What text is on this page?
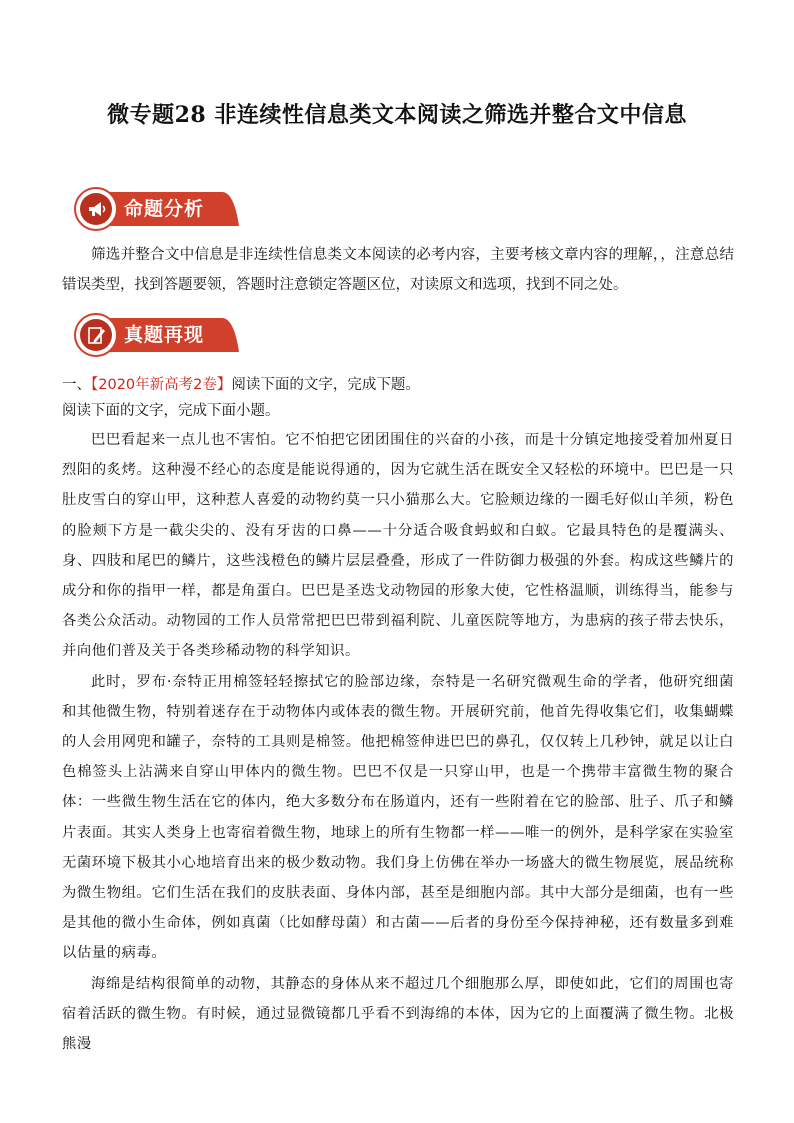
微专题28 非连续性信息类文本阅读之筛选并整合文中信息
命题分析
筛选并整合文中信息是非连续性信息类文本阅读的必考内容，主要考核文章内容的理解，，注意总结错误类型，找到答题要领，答题时注意锁定答题区位，对读原文和选项，找到不同之处。
真题再现
一、【2020年新高考2卷】阅读下面的文字，完成下题。
阅读下面的文字，完成下面小题。

巴巴看起来一点儿也不害怕。它不怕把它团团围住的兴奋的小孩，而是十分镇定地接受着加州夏日烈阳的炙烤。这种漫不经心的态度是能说得通的，因为它就生活在既安全又轻松的环境中。巴巴是一只肚皮雪白的穿山甲，这种惹人喜爱的动物约莫一只小猫那么大。它脸颊边缘的一圈毛好似山羊须，粉色的脸颊下方是一截尖尖的、没有牙齿的口鼻——十分适合吸食蚂蚁和白蚁。它最具特色的是覆满头、身、四肢和尾巴的鳞片，这些浅橙色的鳞片层层叠叠，形成了一件防御力极强的外套。构成这些鳞片的成分和你的指甲一样，都是角蛋白。巴巴是圣迭戈动物园的形象大使，它性格温顺，训练得当，能参与各类公众活动。动物园的工作人员常常把巴巴带到福利院、儿童医院等地方，为患病的孩子带去快乐，并向他们普及关于各类珍稀动物的科学知识。

此时，罗布·奈特正用棉签轻轻擦拭它的脸部边缘，奈特是一名研究微观生命的学者，他研究细菌和其他微生物，特别着迷存在于动物体内或体表的微生物。开展研究前，他首先得收集它们，收集蝴蝶的人会用网兜和罐子，奈特的工具则是棉签。他把棉签伸进巴巴的鼻孔，仅仅转上几秒钟，就足以让白色棉签头上沾满来自穿山甲体内的微生物。巴巴不仅是一只穿山甲，也是一个携带丰富微生物的聚合体：一些微生物生活在它的体内，绝大多数分布在肠道内，还有一些附着在它的脸部、肚子、爪子和鳞片表面。其实人类身上也寄宿着微生物，地球上的所有生物都一样——唯一的例外，是科学家在实验室无菌环境下极其小心地培育出来的极少数动物。我们身上仿佛在举办一场盛大的微生物展览，展品统称为微生物组。它们生活在我们的皮肤表面、身体内部，甚至是细胞内部。其中大部分是细菌，也有一些是其他的微小生命体，例如真菌（比如酵母菌）和古菌——后者的身份至今保持神秘，还有数量多到难以估量的病毒。

海绵是结构很简单的动物，其静态的身体从来不超过几个细胞那么厚，即使如此，它们的周围也寄宿着活跃的微生物。有时候，通过显微镜都几乎看不到海绵的本体，因为它的上面覆满了微生物。北极熊漫
